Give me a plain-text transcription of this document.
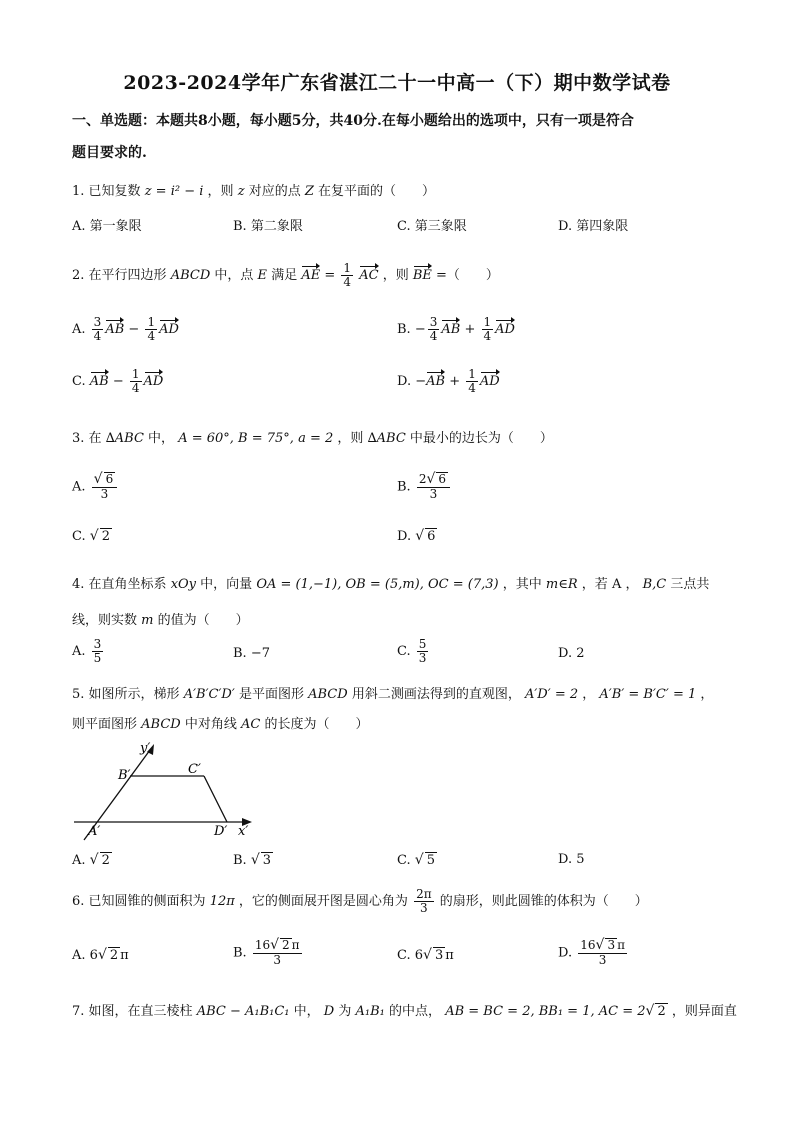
2023-2024学年广东省湛江二十一中高一（下）期中数学试卷
一、单选题：本题共8小题，每小题5分，共40分.在每小题给出的选项中，只有一项是符合
题目要求的.
1. 已知复数 z = i² − i ，则 z 对应的点 Z 在复平面的（　　）
A. 第一象限	B. 第二象限	C. 第三象限	D. 第四象限
2. 在平行四边形 ABCD 中，点 E 满足 AE = $\frac{1}{4}$ AC ，则 BE =（　　）
A. $\frac{3}{4}$ AB − $\frac{1}{4}$ AD	B. − $\frac{3}{4}$ AB + $\frac{1}{4}$ AD
C. AB − $\frac{1}{4}$ AD	D. $-AB + \frac{1}{4}$ AD
3. 在 ∆ABC 中， A = 60°, B = 75°, a = 2 ，则 ∆ABC 中最小的边长为（　　）
A. $\frac{√ 6}{3}$	B. $\frac{2√ 6}{3}$
C. √ 2	D. √ 6
4. 在直角坐标系 xOy 中，向量 OA = (1,−1), OB = (5,m), OC = (7,3) ，其中 m∈R ，若 A ， B,C 三点共
线，则实数 m 的值为（　　）
A. $\frac{3}{5}$	B. −7	C. $\frac{5}{3}$	D. 2
5. 如图所示，梯形 A′B′C′D′ 是平面图形 ABCD 用斜二测画法得到的直观图， A′D′ = 2 ， A′B′ = B′C′ = 1 ，
则平面图形 ABCD 中对角线 AC 的长度为（　　）
y′
B′	C′
A′	D′ x′
A. √ 2	B. √ 3	C. √ 5	D. 5
6. 已知圆锥的侧面积为 12π ，它的侧面展开图是圆心角为 $\frac{2\pi}{3}$ 的扇形，则此圆锥的体积为（　　）
A. 6√ 2 π	B. $\frac{16√ 2 \pi}{3}$	C. 6√ 3 π	D. $\frac{16√ 3 \pi}{3}$
7. 如图，在直三棱柱 ABC − A₁B₁C₁ 中， D 为 A₁B₁ 的中点， AB = BC = 2, BB₁ = 1, AC = 2√ 2 ，则异面直
